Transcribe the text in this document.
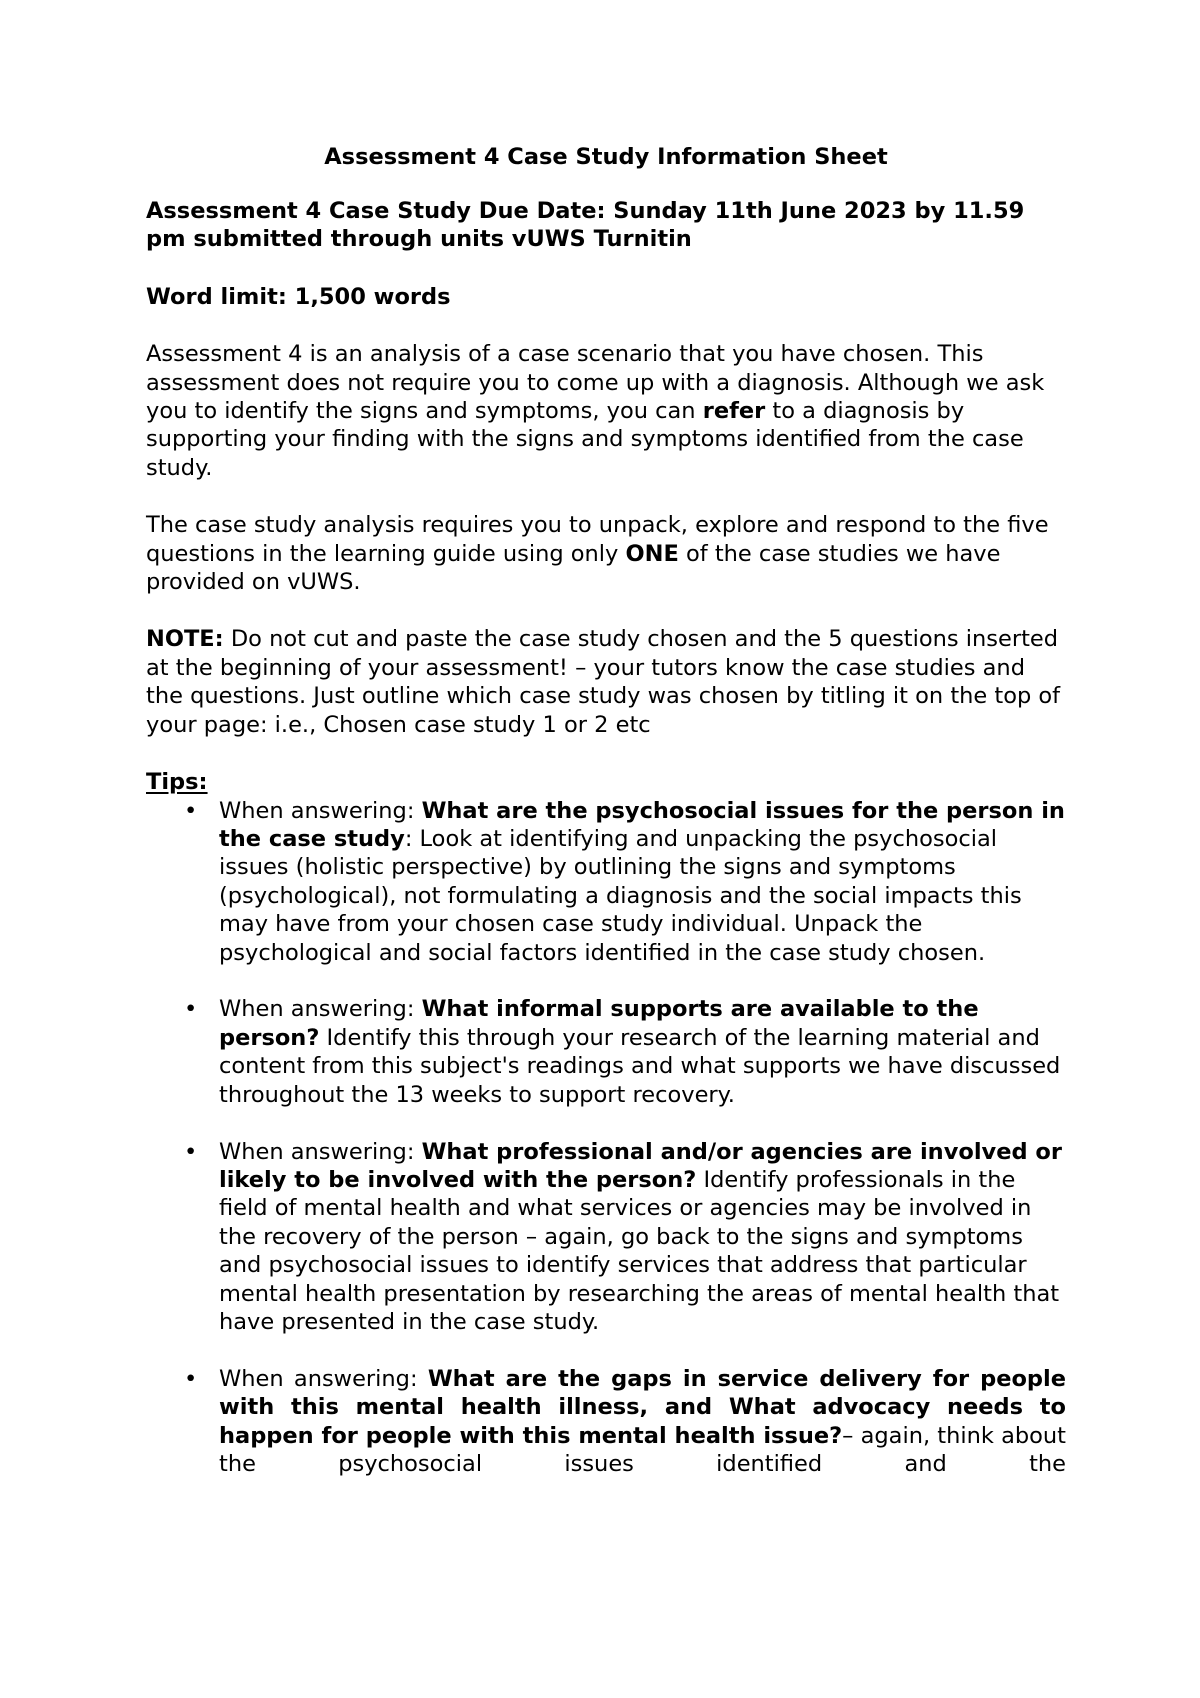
Assessment 4 Case Study Information Sheet

Assessment 4 Case Study Due Date: Sunday 11th June 2023 by 11.59 pm submitted through units vUWS Turnitin

Word limit: 1,500 words

Assessment 4 is an analysis of a case scenario that you have chosen. This assessment does not require you to come up with a diagnosis. Although we ask you to identify the signs and symptoms, you can refer to a diagnosis by supporting your finding with the signs and symptoms identified from the case study.

The case study analysis requires you to unpack, explore and respond to the five questions in the learning guide using only ONE of the case studies we have provided on vUWS.

NOTE: Do not cut and paste the case study chosen and the 5 questions inserted at the beginning of your assessment! – your tutors know the case studies and the questions. Just outline which case study was chosen by titling it on the top of your page: i.e., Chosen case study 1 or 2 etc

Tips:

• When answering: What are the psychosocial issues for the person in the case study: Look at identifying and unpacking the psychosocial issues (holistic perspective) by outlining the signs and symptoms (psychological), not formulating a diagnosis and the social impacts this may have from your chosen case study individual. Unpack the psychological and social factors identified in the case study chosen.
• When answering: What informal supports are available to the person? Identify this through your research of the learning material and content from this subject's readings and what supports we have discussed throughout the 13 weeks to support recovery.
• When answering: What professional and/or agencies are involved or likely to be involved with the person? Identify professionals in the field of mental health and what services or agencies may be involved in the recovery of the person – again, go back to the signs and symptoms and psychosocial issues to identify services that address that particular mental health presentation by researching the areas of mental health that have presented in the case study.
• When answering: What are the gaps in service delivery for people with this mental health illness, and What advocacy needs to happen for people with this mental health issue?– again, think about the psychosocial issues identified and the
